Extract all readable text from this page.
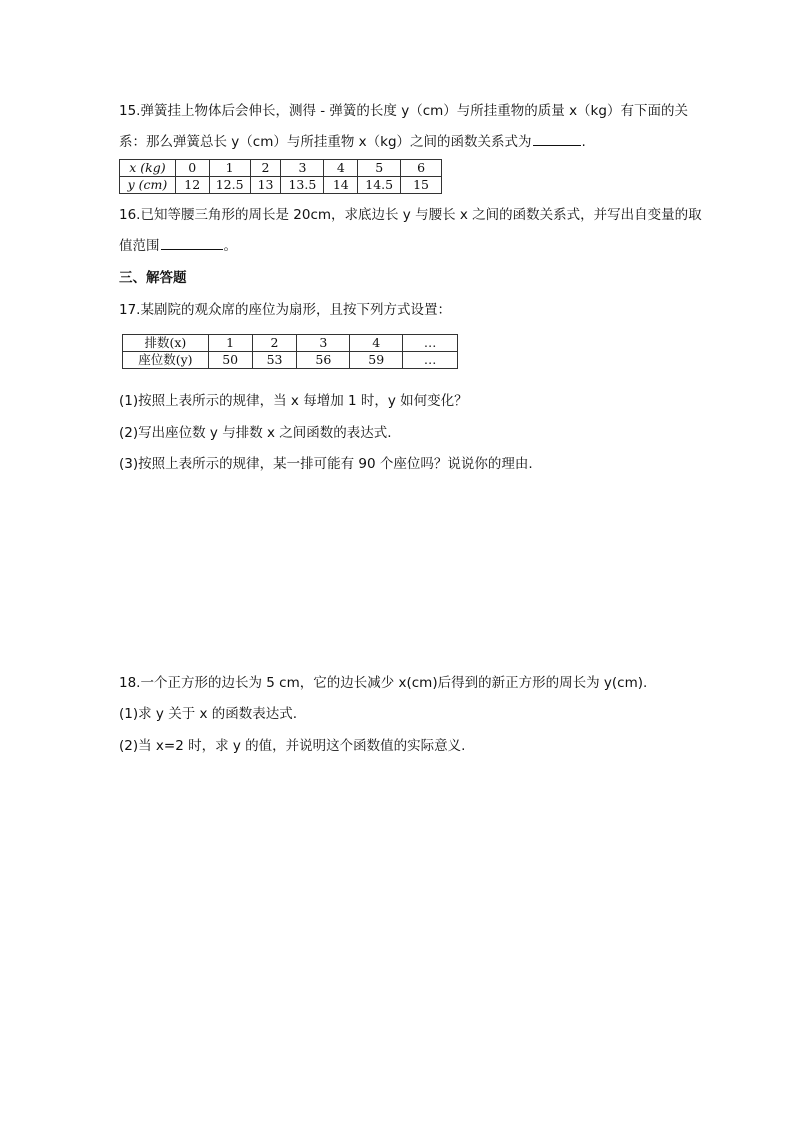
15.弹簧挂上物体后会伸长，测得 - 弹簧的长度 y（cm）与所挂重物的质量 x（kg）有下面的关
系：那么弹簧总长 y（cm）与所挂重物 x（kg）之间的函数关系式为	.
x (kg)	0	1	2	3	4	5	6
y (cm)	12	12.5	13	13.5	14	14.5	15
16.已知等腰三角形的周长是 20cm，求底边长 y 与腰长 x 之间的函数关系式，并写出自变量的取
值范围	。
三、解答题
17.某剧院的观众席的座位为扇形，且按下列方式设置：
排数(x)	1	2	3	4	…
座位数(y)	50	53	56	59	…
(1)按照上表所示的规律，当 x 每增加 1 时，y 如何变化？
(2)写出座位数 y 与排数 x 之间函数的表达式.
(3)按照上表所示的规律，某一排可能有 90 个座位吗？说说你的理由.
18.一个正方形的边长为 5 cm，它的边长减少 x(cm)后得到的新正方形的周长为 y(cm).
(1)求 y 关于 x 的函数表达式.
(2)当 x=2 时，求 y 的值，并说明这个函数值的实际意义.
